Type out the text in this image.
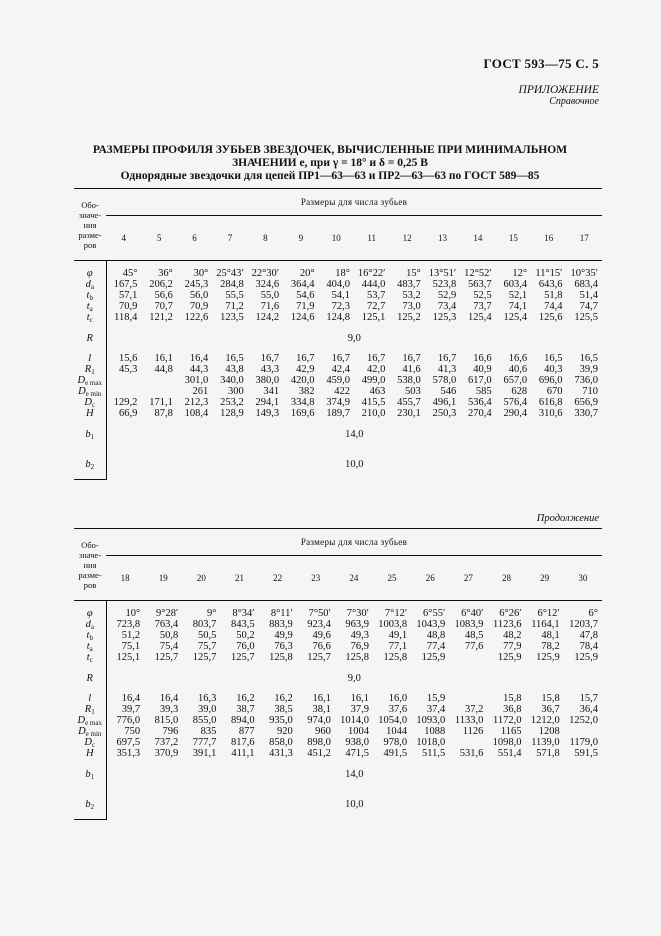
ГОСТ 593—75 С. 5
ПРИЛОЖЕНИЕ
Справочное
РАЗМЕРЫ ПРОФИЛЯ ЗУБЬЕВ ЗВЕЗДОЧЕК, ВЫЧИСЛЕННЫЕ ПРИ МИНИМАЛЬНОМ
ЗНАЧЕНИИ e, при γ = 18° и δ = 0,25 B
Однорядные звездочки для цепей ПР1—63—63 и ПР2—63—63 по ГОСТ 589—85
Обо-значе-ния разме-ров	Размеры для числа зубьев													
	4	5	6	7	8	9	10	11	12	13	14	15	16	17

φ	45°	36°	30°	25°43′	22°30′	20°	18°	16°22′	15°	13°51′	12°52′	12°	11°15′	10°35′
$d_a$	167,5	206,2	245,3	284,8	324,6	364,4	404,0	444,0	483,7	523,8	563,7	603,4	643,6	683,4
$t_b$	57,1	56,6	56,0	55,5	55,0	54,6	54,1	53,7	53,2	52,9	52,5	52,1	51,8	51,4
$t_a$	70,9	70,7	70,9	71,2	71,6	71,9	72,3	72,7	73,0	73,4	73,7	74,1	74,4	74,7
$t_c$	118,4	121,2	122,6	123,5	124,2	124,6	124,8	125,1	125,2	125,3	125,4	125,4	125,6	125,5
R	9,0													
l	15,6	16,1	16,4	16,5	16,7	16,7	16,7	16,7	16,7	16,7	16,6	16,6	16,5	16,5
$R_1$	45,3	44,8	44,3	43,8	43,3	42,9	42,4	42,0	41,6	41,3	40,9	40,6	40,3	39,9
$D_{e max}$			301,0	340,0	380,0	420,0	459,0	499,0	538,0	578,0	617,0	657,0	696,0	736,0
$D_{e min}$			261	300	341	382	422	463	503	546	585	628	670	710
$D_c$	129,2	171,1	212,3	253,2	294,1	334,8	374,9	415,5	455,7	496,1	536,4	576,4	616,8	656,9
H	66,9	87,8	108,4	128,9	149,3	169,6	189,7	210,0	230,1	250,3	270,4	290,4	310,6	330,7
$b_1$	14,0													
$b_2$	10,0													
Продолжение
Обо-значе-ния разме-ров	Размеры для числа зубьев												
	18	19	20	21	22	23	24	25	26	27	28	29	30

φ	10°	9°28′	9°	8°34′	8°11′	7°50′	7°30′	7°12′	6°55′	6°40′	6°26′	6°12′	6°
$d_a$	723,8	763,4	803,7	843,5	883,9	923,4	963,9	1003,8	1043,9	1083,9	1123,6	1164,1	1203,7
$t_b$	51,2	50,8	50,5	50,2	49,9	49,6	49,3	49,1	48,8	48,5	48,2	48,1	47,8
$t_a$	75,1	75,4	75,7	76,0	76,3	76,6	76,9	77,1	77,4	77,6	77,9	78,2	78,4
$t_c$	125,1	125,7	125,7	125,7	125,8	125,7	125,8	125,8	125,9		125,9	125,9	125,9
R	9,0												
l	16,4	16,4	16,3	16,2	16,2	16,1	16,1	16,0	15,9		15,8	15,8	15,7
$R_1$	39,7	39,3	39,0	38,7	38,5	38,1	37,9	37,6	37,4	37,2	36,8	36,7	36,4
$D_{e max}$	776,0	815,0	855,0	894,0	935,0	974,0	1014,0	1054,0	1093,0	1133,0	1172,0	1212,0	1252,0
$D_{e min}$	750	796	835	877	920	960	1004	1044	1088	1126	1165	1208	
$D_c$	697,5	737,2	777,7	817,6	858,0	898,0	938,0	978,0	1018,0		1098,0	1139,0	1179,0
H	351,3	370,9	391,1	411,1	431,3	451,2	471,5	491,5	511,5	531,6	551,4	571,8	591,5
$b_1$	14,0												
$b_2$	10,0												
